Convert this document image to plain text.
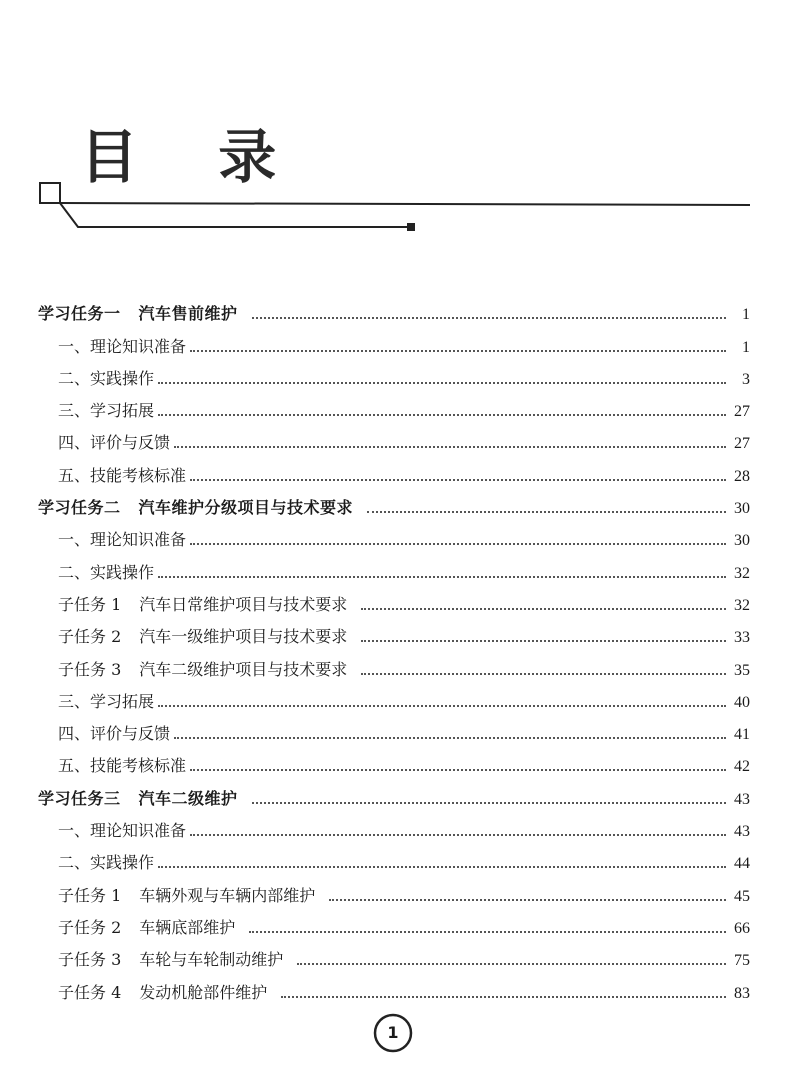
目 录
学习任务一 汽车售前维护	1
一、理论知识准备	1
二、实践操作	3
三、学习拓展	27
四、评价与反馈	27
五、技能考核标准	28
学习任务二 汽车维护分级项目与技术要求	30
一、理论知识准备	30
二、实践操作	32
子任务 1 汽车日常维护项目与技术要求	32
子任务 2 汽车一级维护项目与技术要求	33
子任务 3 汽车二级维护项目与技术要求	35
三、学习拓展	40
四、评价与反馈	41
五、技能考核标准	42
学习任务三 汽车二级维护	43
一、理论知识准备	43
二、实践操作	44
子任务 1 车辆外观与车辆内部维护	45
子任务 2 车辆底部维护	66
子任务 3 车轮与车轮制动维护	75
子任务 4 发动机舱部件维护	83
1
